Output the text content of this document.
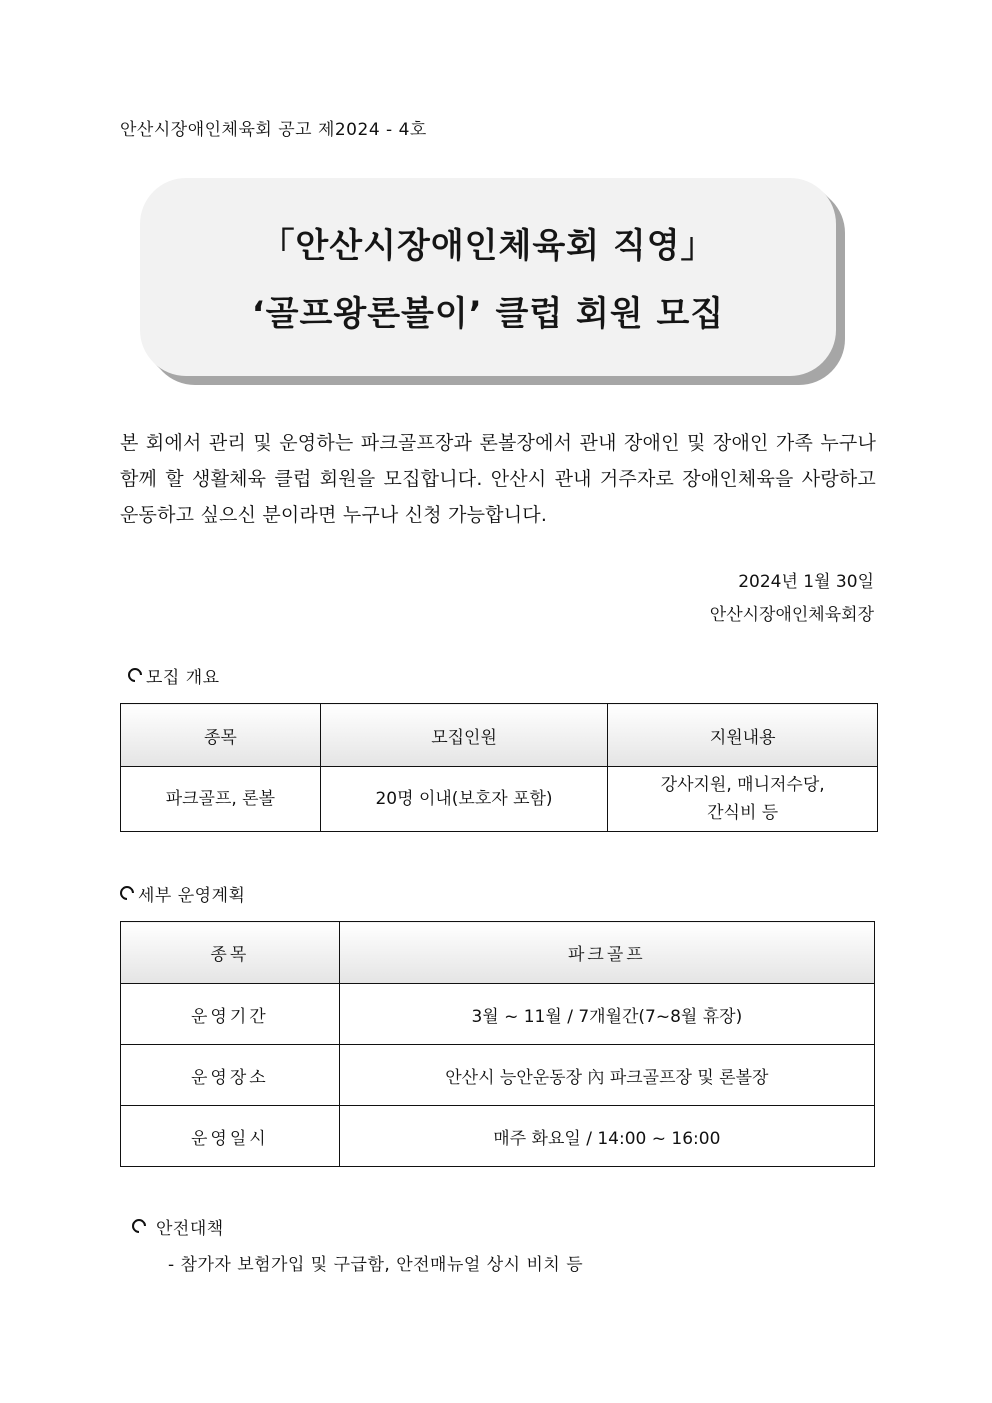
안산시장애인체육회 공고 제2024 - 4호
「안산시장애인체육회 직영」
‘골프왕론볼이’ 클럽 회원 모집
본 회에서 관리 및 운영하는 파크골프장과 론볼장에서 관내 장애인 및 장애인 가족 누구나 함께 할 생활체육 클럽 회원을 모집합니다. 안산시 관내 거주자로 장애인체육을 사랑하고 운동하고 싶으신 분이라면 누구나 신청 가능합니다.
2024년 1월 30일
안산시장애인체육회장
모집 개요
종목	모집인원	지원내용
파크골프, 론볼	20명 이내(보호자 포함)	강사지원, 매니저수당,
간식비 등
세부 운영계획
종목	파크골프
운영기간	3월 ~ 11월 / 7개월간(7~8월 휴장)
운영장소	안산시 능안운동장 內 파크골프장 및 론볼장
운영일시	매주 화요일 / 14:00 ~ 16:00
안전대책
- 참가자 보험가입 및 구급함, 안전매뉴얼 상시 비치 등
